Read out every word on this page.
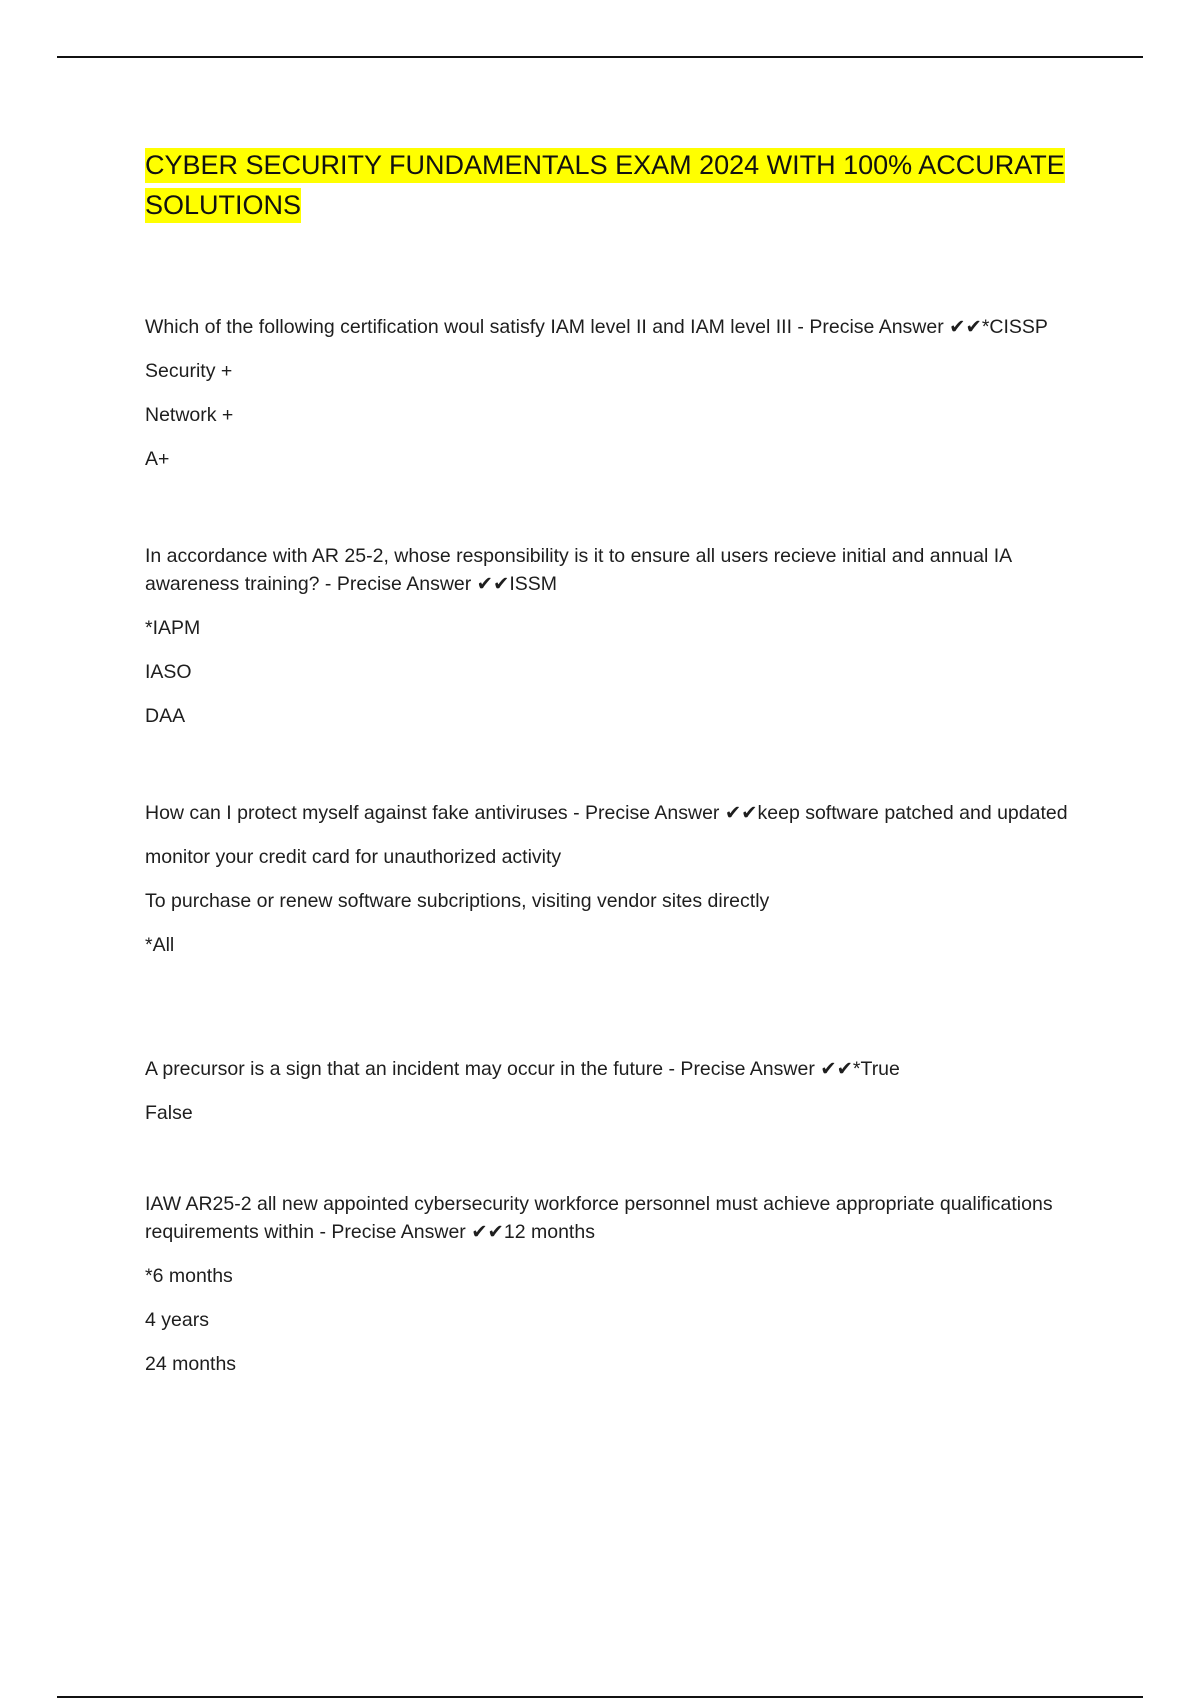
CYBER SECURITY FUNDAMENTALS EXAM 2024 WITH 100% ACCURATE SOLUTIONS

Which of the following certification woul satisfy IAM level II and IAM level III - Precise Answer ✔✔*CISSP

Security +

Network +

A+

In accordance with AR 25-2, whose responsibility is it to ensure all users recieve initial and annual IA awareness training? - Precise Answer ✔✔ISSM

*IAPM

IASO

DAA

How can I protect myself against fake antiviruses - Precise Answer ✔✔keep software patched and updated

monitor your credit card for unauthorized activity

To purchase or renew software subcriptions, visiting vendor sites directly

*All

A precursor is a sign that an incident may occur in the future - Precise Answer ✔✔*True

False

IAW AR25-2 all new appointed cybersecurity workforce personnel must achieve appropriate qualifications requirements within - Precise Answer ✔✔12 months

*6 months

4 years

24 months
